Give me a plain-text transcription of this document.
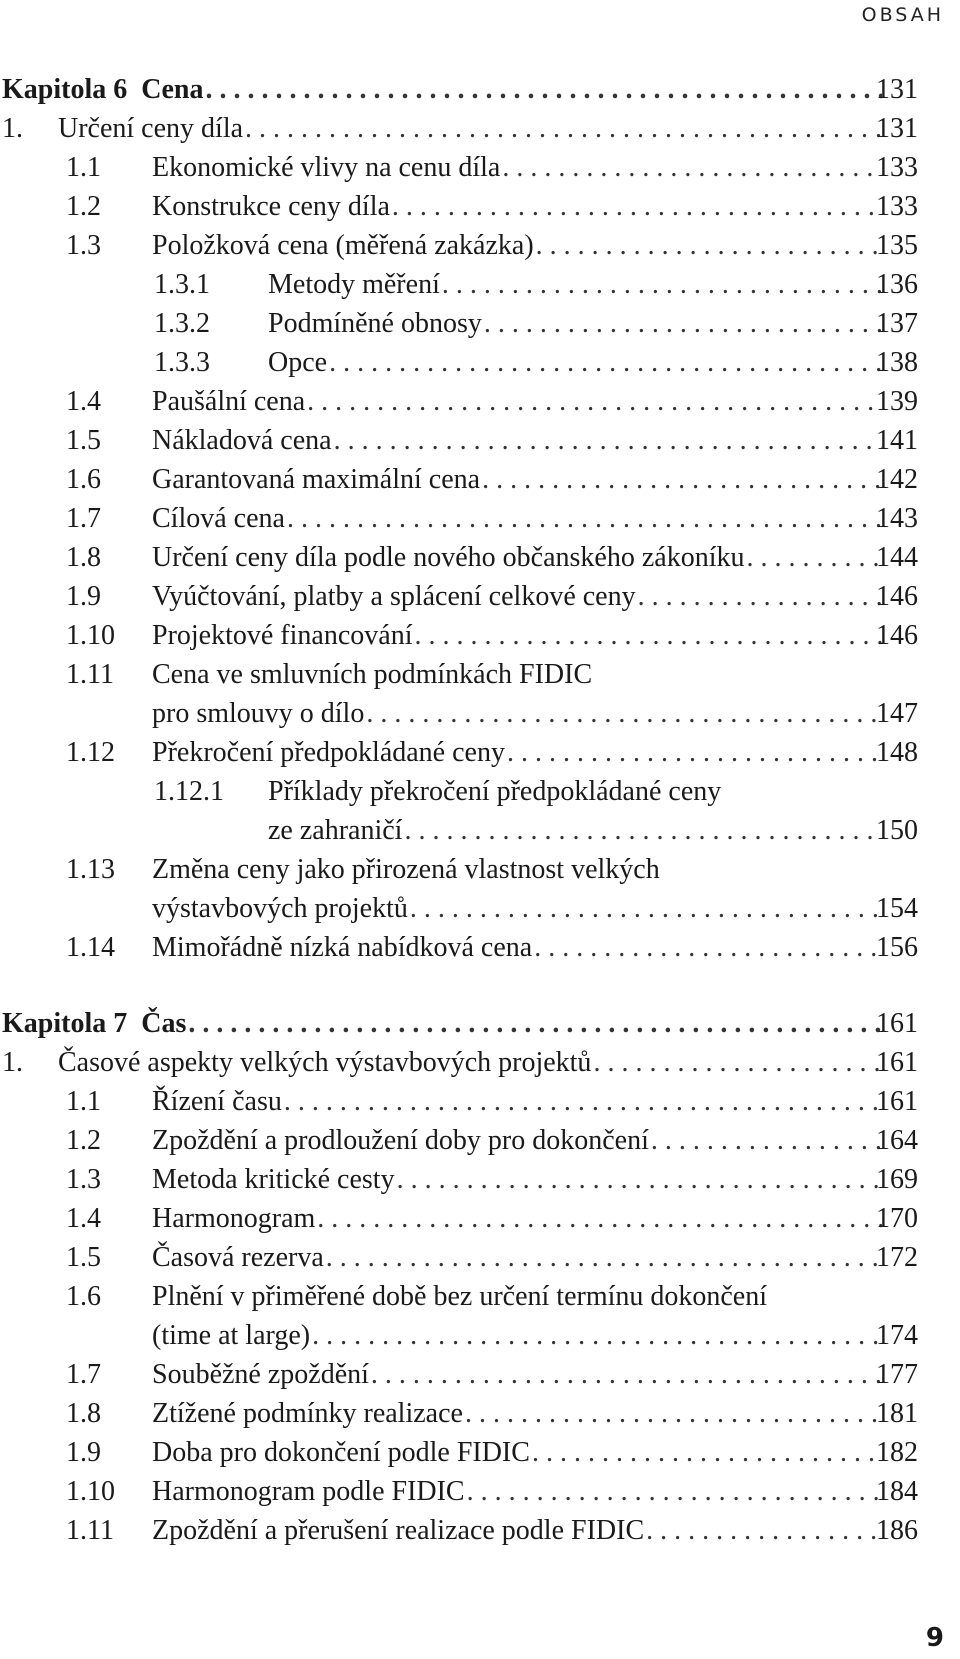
OBSAH
Kapitola 6  Cena . . .	131
1. Určení ceny díla . . .	131
1.1 Ekonomické vlivy na cenu díla . . .	133
1.2 Konstrukce ceny díla . . .	133
1.3 Položková cena (měřená zakázka) . . .	135
1.3.1 Metody měření . . .	136
1.3.2 Podmíněné obnosy . . .	137
1.3.3 Opce . . .	138
1.4 Paušální cena . . .	139
1.5 Nákladová cena . . .	141
1.6 Garantovaná maximální cena . . .	142
1.7 Cílová cena . . .	143
1.8 Určení ceny díla podle nového občanského zákoníku . . .	144
1.9 Vyúčtování, platby a splácení celkové ceny . . .	146
1.10 Projektové financování . . .	146
1.11 Cena ve smluvních podmínkách FIDIC
pro smlouvy o dílo . . .	147
1.12 Překročení předpokládané ceny . . .	148
1.12.1 Příklady překročení předpokládané ceny
ze zahraničí . . .	150
1.13 Změna ceny jako přirozená vlastnost velkých
výstavbových projektů . . .	154
1.14 Mimořádně nízká nabídková cena . . .	156
Kapitola 7  Čas . . .	161
1. Časové aspekty velkých výstavbových projektů . . .	161
1.1 Řízení času . . .	161
1.2 Zpoždění a prodloužení doby pro dokončení . . .	164
1.3 Metoda kritické cesty . . .	169
1.4 Harmonogram . . .	170
1.5 Časová rezerva . . .	172
1.6 Plnění v přiměřené době bez určení termínu dokončení
(time at large) . . .	174
1.7 Souběžné zpoždění . . .	177
1.8 Ztížené podmínky realizace . . .	181
1.9 Doba pro dokončení podle FIDIC . . .	182
1.10 Harmonogram podle FIDIC . . .	184
1.11 Zpoždění a přerušení realizace podle FIDIC . . .	186
9
